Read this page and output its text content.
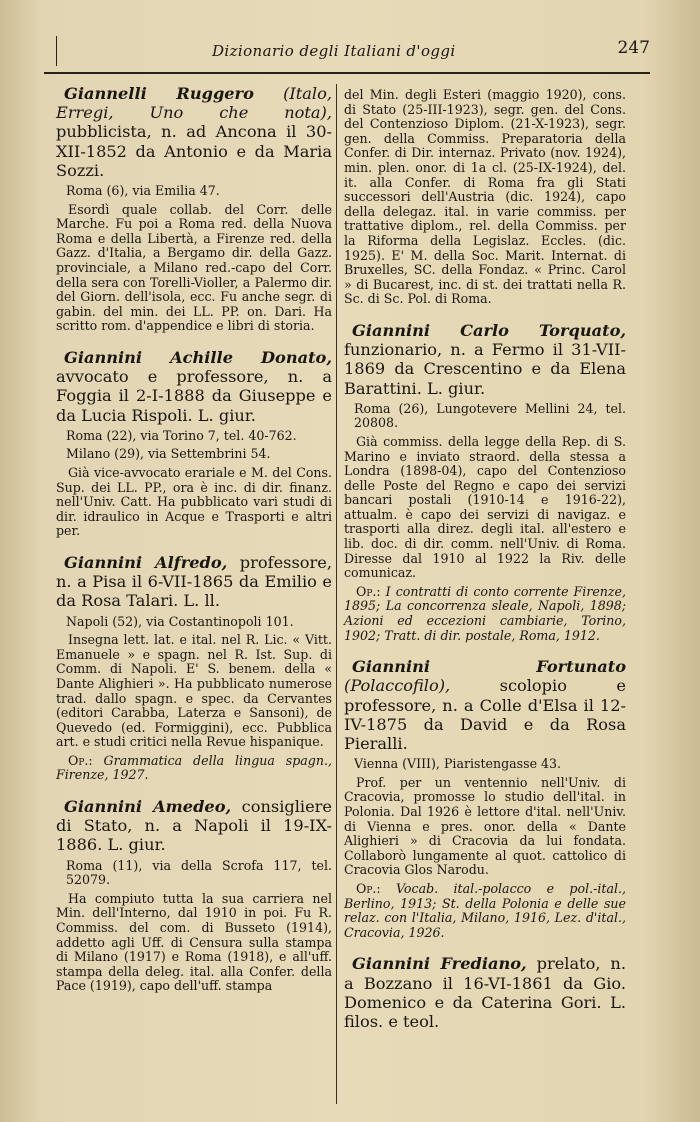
Dizionario degli Italiani d'oggi	247

Giannelli Ruggero (Italo, Erregi, Uno che nota), pubblicista, n. ad Ancona il 30-XII-1852 da Antonio e da Maria Sozzi.

Roma (6), via Emilia 47.

Esordì quale collab. del Corr. delle Marche. Fu poi a Roma red. della Nuova Roma e della Libertà, a Firenze red. della Gazz. d'Italia, a Bergamo dir. della Gazz. provinciale, a Milano red.-capo del Corr. della sera con Torelli-Violler, a Palermo dir. del Giorn. dell'isola, ecc. Fu anche segr. di gabin. del min. dei LL. PP. on. Dari. Ha scritto rom. d'appendice e libri di storia.

Giannini Achille Donato, avvocato e professore, n. a Foggia il 2-I-1888 da Giuseppe e da Lucia Rispoli. L. giur.

Roma (22), via Torino 7, tel. 40-762.

Milano (29), via Settembrini 54.

Già vice-avvocato erariale e M. del Cons. Sup. dei LL. PP., ora è inc. di dir. finanz. nell'Univ. Catt. Ha pubblicato vari studi di dir. idraulico in Acque e Trasporti e altri per.

Giannini Alfredo, professore, n. a Pisa il 6-VII-1865 da Emilio e da Rosa Talari. L. ll.

Napoli (52), via Costantinopoli 101.

Insegna lett. lat. e ital. nel R. Lic. « Vitt. Emanuele » e spagn. nel R. Ist. Sup. di Comm. di Napoli. E' S. benem. della « Dante Alighieri ». Ha pubblicato numerose trad. dallo spagn. e spec. da Cervantes (editori Carabba, Laterza e Sansoni), de Quevedo (ed. Formiggini), ecc. Pubblica art. e studi critici nella Revue hispanique.

Op.: Grammatica della lingua spagn., Firenze, 1927.

Giannini Amedeo, consigliere di Stato, n. a Napoli il 19-IX-1886. L. giur.

Roma (11), via della Scrofa 117, tel. 52079.

Ha compiuto tutta la sua carriera nel Min. dell'Interno, dal 1910 in poi. Fu R. Commiss. del com. di Busseto (1914), addetto agli Uff. di Censura sulla stampa di Milano (1917) e Roma (1918), e all'uff. stampa della deleg. ital. alla Confer. della Pace (1919), capo dell'uff. stampa

del Min. degli Esteri (maggio 1920), cons. di Stato (25-III-1923), segr. gen. del Cons. del Contenzioso Diplom. (21-X-1923), segr. gen. della Commiss. Preparatoria della Confer. di Dir. internaz. Privato (nov. 1924), min. plen. onor. di 1a cl. (25-IX-1924), del. it. alla Confer. di Roma fra gli Stati successori dell'Austria (dic. 1924), capo della delegaz. ital. in varie commiss. per trattative diplom., rel. della Commiss. per la Riforma della Legislaz. Eccles. (dic. 1925). E' M. della Soc. Marit. Internat. di Bruxelles, SC. della Fondaz. « Princ. Carol » di Bucarest, inc. di st. dei trattati nella R. Sc. di Sc. Pol. di Roma.

Giannini Carlo Torquato, funzionario, n. a Fermo il 31-VII-1869 da Crescentino e da Elena Barattini. L. giur.

Roma (26), Lungotevere Mellini 24, tel. 20808.

Già commiss. della legge della Rep. di S. Marino e inviato straord. della stessa a Londra (1898-04), capo del Contenzioso delle Poste del Regno e capo dei servizi bancari postali (1910-14 e 1916-22), attualm. è capo dei servizi di navigaz. e trasporti alla direz. degli ital. all'estero e lib. doc. di dir. comm. nell'Univ. di Roma. Diresse dal 1910 al 1922 la Riv. delle comunicaz.

Op.: I contratti di conto corrente Firenze, 1895; La concorrenza sleale, Napoli, 1898; Azioni ed eccezioni cambiarie, Torino, 1902; Tratt. di dir. postale, Roma, 1912.

Giannini Fortunato (Polaccofilo), scolopio e professore, n. a Colle d'Elsa il 12-IV-1875 da David e da Rosa Pieralli.

Vienna (VIII), Piaristengasse 43.

Prof. per un ventennio nell'Univ. di Cracovia, promosse lo studio dell'ital. in Polonia. Dal 1926 è lettore d'ital. nell'Univ. di Vienna e pres. onor. della « Dante Alighieri » di Cracovia da lui fondata. Collaborò lungamente al quot. cattolico di Cracovia Glos Narodu.

Op.: Vocab. ital.-polacco e pol.-ital., Berlino, 1913; St. della Polonia e delle sue relaz. con l'Italia, Milano, 1916, Lez. d'ital., Cracovia, 1926.

Giannini Frediano, prelato, n. a Bozzano il 16-VI-1861 da Gio. Domenico e da Caterina Gori. L. filos. e teol.
